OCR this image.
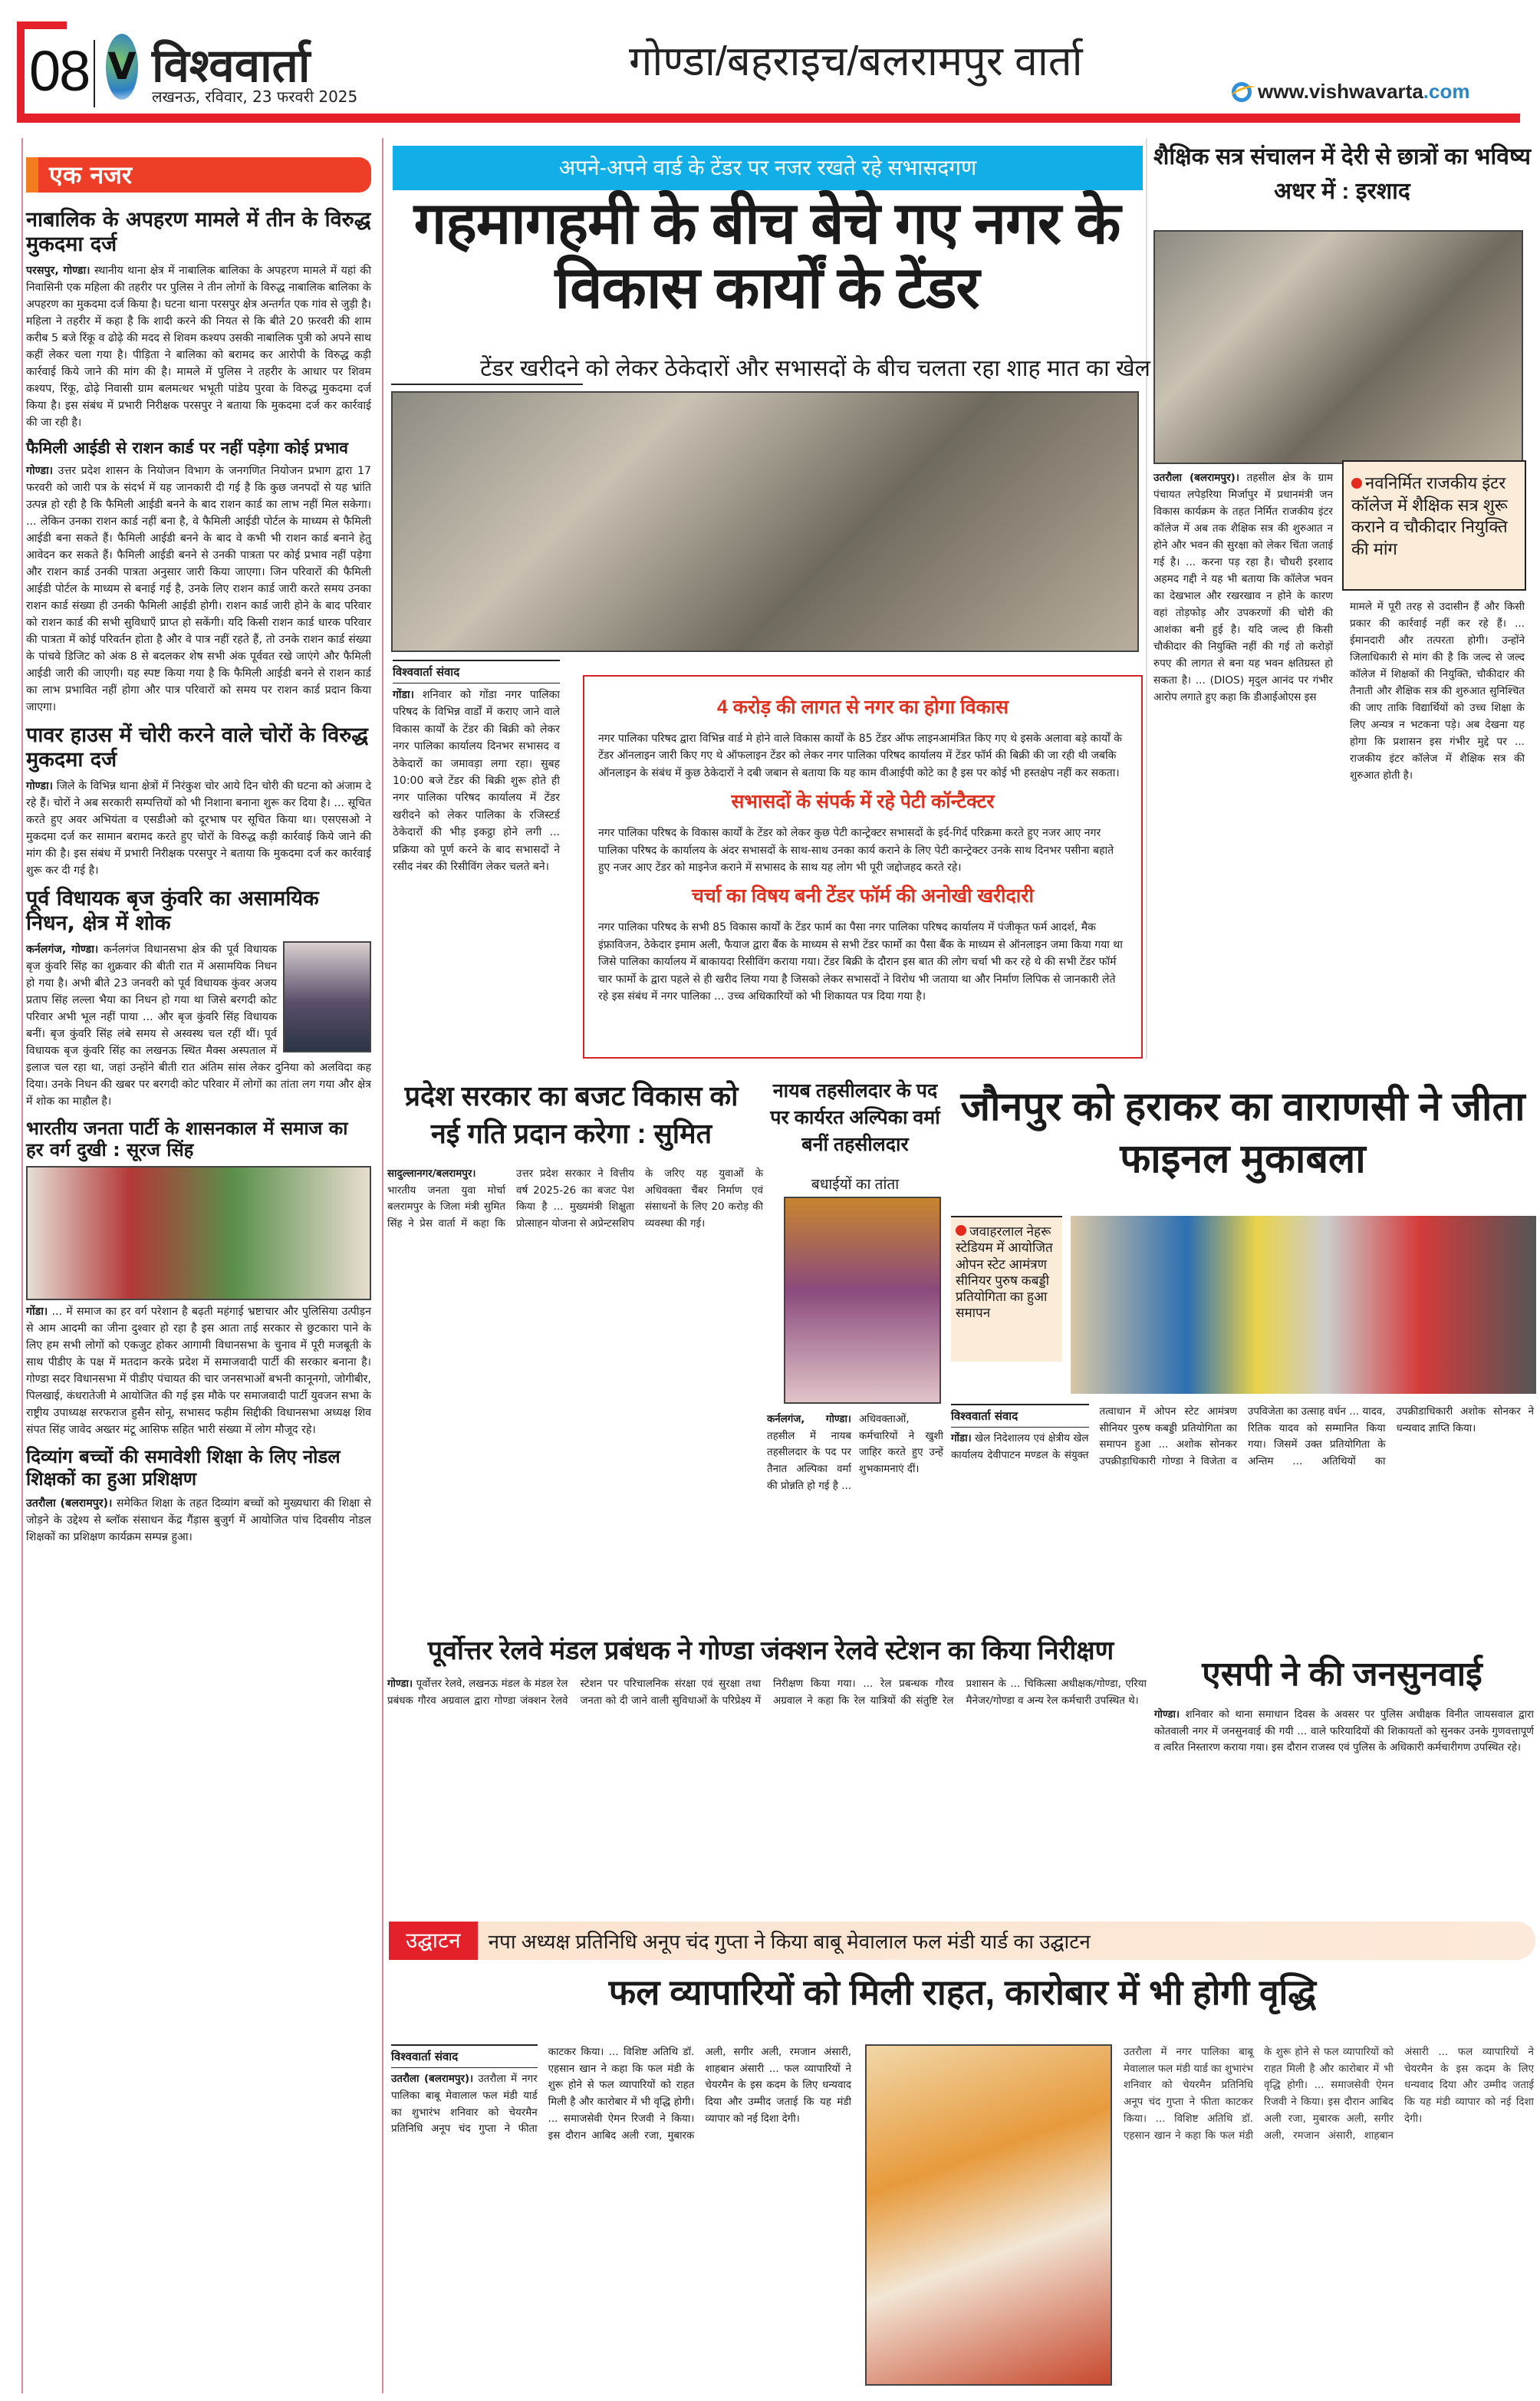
08 V विश्ववार्ता
लखनऊ, रविवार, 23 फरवरी 2025
गोण्डा/बहराइच/बलरामपुर वार्ता
www.vishwavarta.com
एक नजर
नाबालिक के अपहरण मामले में तीन के विरुद्ध मुकदमा दर्ज

परसपुर, गोण्डा। स्थानीय थाना क्षेत्र में नाबालिक बालिका के अपहरण मामले में यहां की निवासिनी एक महिला की तहरीर पर पुलिस ने तीन लोगों के विरुद्ध नाबालिक बालिका के अपहरण का मुकदमा दर्ज किया है। घटना थाना परसपुर क्षेत्र अन्तर्गत एक गांव से जुड़ी है। महिला ने तहरीर में कहा है कि शादी करने की नियत से कि बीते 20 फ़रवरी की शाम करीब 5 बजे रिंकू व ढोढ़े की मदद से शिवम कश्यप उसकी नाबालिक पुत्री को अपने साथ कहीं लेकर चला गया है। पीड़िता ने बालिका को बरामद कर आरोपी के विरुद्ध कड़ी कार्रवाई किये जाने की मांग की है। मामले में पुलिस ने तहरीर के आधार पर शिवम कश्यप, रिंकू, ढोढ़े निवासी ग्राम बलमत्थर भभूती पांडेय पुरवा के विरुद्ध मुकदमा दर्ज किया है। इस संबंध में प्रभारी निरीक्षक परसपुर ने बताया कि मुकदमा दर्ज कर कार्रवाई की जा रही है।

फैमिली आईडी से राशन कार्ड पर नहीं पड़ेगा कोई प्रभाव

गोण्डा। उत्तर प्रदेश शासन के नियोजन विभाग के जनगणित नियोजन प्रभाग द्वारा 17 फरवरी को जारी पत्र के संदर्भ में यह जानकारी दी गई है कि कुछ जनपदों से यह भ्रांति उत्पन्न हो रही है कि फैमिली आईडी बनने के बाद राशन कार्ड का लाभ नहीं मिल सकेगा। ... लेकिन उनका राशन कार्ड नहीं बना है, वे फैमिली आईडी पोर्टल के माध्यम से फैमिली आईडी बना सकते हैं। फैमिली आईडी बनने के बाद वे कभी भी राशन कार्ड बनाने हेतु आवेदन कर सकते हैं। फैमिली आईडी बनने से उनकी पात्रता पर कोई प्रभाव नहीं पड़ेगा और राशन कार्ड उनकी पात्रता अनुसार जारी किया जाएगा। जिन परिवारों की फैमिली आईडी पोर्टल के माध्यम से बनाई गई है, उनके लिए राशन कार्ड जारी करते समय उनका राशन कार्ड संख्या ही उनकी फैमिली आईडी होगी। राशन कार्ड जारी होने के बाद परिवार को राशन कार्ड की सभी सुविधाएँ प्राप्त हो सकेंगी। यदि किसी राशन कार्ड धारक परिवार की पात्रता में कोई परिवर्तन होता है और वे पात्र नहीं रहते हैं, तो उनके राशन कार्ड संख्या के पांचवे डिजिट को अंक 8 से बदलकर शेष सभी अंक पूर्ववत रखे जाएंगे और फैमिली आईडी जारी की जाएगी। यह स्पष्ट किया गया है कि फैमिली आईडी बनने से राशन कार्ड का लाभ प्रभावित नहीं होगा और पात्र परिवारों को समय पर राशन कार्ड प्रदान किया जाएगा।

पावर हाउस में चोरी करने वाले चोरों के विरुद्ध मुकदमा दर्ज

गोण्डा। जिले के विभिन्न थाना क्षेत्रों में निरंकुश चोर आये दिन चोरी की घटना को अंजाम दे रहे हैं। चोरों ने अब सरकारी सम्पत्तियों को भी निशाना बनाना शुरू कर दिया है। ... सूचित करते हुए अवर अभियंता व एसडीओ को दूरभाष पर सूचित किया था। एसएसओ ने मुकदमा दर्ज कर सामान बरामद करते हुए चोरों के विरुद्ध कड़ी कार्रवाई किये जाने की मांग की है। इस संबंध में प्रभारी निरीक्षक परसपुर ने बताया कि मुकदमा दर्ज कर कार्रवाई शुरू कर दी गई है।

पूर्व विधायक बृज कुंवरि का असामयिक निधन, क्षेत्र में शोक

कर्नलगंज, गोण्डा। कर्नलगंज विधानसभा क्षेत्र की पूर्व विधायक बृज कुंवरि सिंह का शुक्रवार की बीती रात में असामयिक निधन हो गया है। अभी बीते 23 जनवरी को पूर्व विधायक कुंवर अजय प्रताप सिंह लल्ला भैया का निधन हो गया था जिसे बरगदी कोट परिवार अभी भूल नहीं पाया ... और बृज कुंवरि सिंह विधायक बनीं। बृज कुंवरि सिंह लंबे समय से अस्वस्थ चल रहीं थीं। पूर्व विधायक बृज कुंवरि सिंह का लखनऊ स्थित मैक्स अस्पताल में इलाज चल रहा था, जहां उन्होंने बीती रात अंतिम सांस लेकर दुनिया को अलविदा कह दिया। उनके निधन की खबर पर बरगदी कोट परिवार में लोगों का तांता लग गया और क्षेत्र में शोक का माहौल है।

भारतीय जनता पार्टी के शासनकाल में समाज का हर वर्ग दुखी : सूरज सिंह

गोंडा। ... में समाज का हर वर्ग परेशान है बढ़ती महंगाई भ्रष्टाचार और पुलिसिया उत्पीड़न से आम आदमी का जीना दुश्वार हो रहा है इस आता ताई सरकार से छुटकारा पाने के लिए हम सभी लोगों को एकजुट होकर आगामी विधानसभा के चुनाव में पूरी मजबूती के साथ पीडीए के पक्ष में मतदान करके प्रदेश में समाजवादी पार्टी की सरकार बनाना है। गोण्डा सदर विधानसभा में पीडीए पंचायत की चार जनसभाओं बभनी कानूनगो, जोगीबीर, पिलखाई, कंधरातेजी मे आयोजित की गई इस मौके पर समाजवादी पार्टी युवजन सभा के राष्ट्रीय उपाध्यक्ष सरफराज हुसैन सोनू, सभासद फहीम सिद्दीकी विधानसभा अध्यक्ष शिव संपत सिंह जावेद अख्तर मंटू आसिफ सहित भारी संख्या में लोग मौजूद रहे।

दिव्यांग बच्चों की समावेशी शिक्षा के लिए नोडल शिक्षकों का हुआ प्रशिक्षण

उतरौला (बलरामपुर)। समेकित शिक्षा के तहत दिव्यांग बच्चों को मुख्यधारा की शिक्षा से जोड़ने के उद्देश्य से ब्लॉक संसाधन केंद्र गैंड़ास बुजुर्ग में आयोजित पांच दिवसीय नोडल शिक्षकों का प्रशिक्षण कार्यक्रम सम्पन्न हुआ।

अपने-अपने वार्ड के टेंडर पर नजर रखते रहे सभासदगण
गहमागहमी के बीच बेचे गए नगर के विकास कार्यों के टेंडर
टेंडर खरीदने को लेकर ठेकेदारों और सभासदों के बीच चलता रहा शाह मात का खेल
विश्ववार्ता संवाद
गोंडा। शनिवार को गोंडा नगर पालिका परिषद के विभिन्न वार्डों में कराए जाने वाले विकास कार्यों के टेंडर की बिक्री को लेकर नगर पालिका कार्यालय दिनभर सभासद व ठेकेदारों का जमावड़ा लगा रहा। सुबह 10:00 बजे टेंडर की बिक्री शुरू होते ही नगर पालिका परिषद कार्यालय में टेंडर खरीदने को लेकर पालिका के रजिस्टर्ड ठेकेदारों की भीड़ इकट्ठा होने लगी ... प्रक्रिया को पूर्ण करने के बाद सभासदों ने रसीद नंबर की रिसीविंग लेकर चलते बने।
4 करोड़ की लागत से नगर का होगा विकास

नगर पालिका परिषद द्वारा विभिन्न वार्ड मे होने वाले विकास कार्यों के 85 टेंडर ऑफ लाइनआमंत्रित किए गए थे इसके अलावा बड़े कार्यों के टेंडर ऑनलाइन जारी किए गए थे ऑफलाइन टेंडर को लेकर नगर पालिका परिषद कार्यालय में टेंडर फॉर्म की बिक्री की जा रही थी जबकि ऑनलाइन के संबंध में कुछ ठेकेदारों ने दबी जबान से बताया कि यह काम वीआईपी कोटे का है इस पर कोई भी हस्तक्षेप नहीं कर सकता।

सभासदों के संपर्क में रहे पेटी कॉन्टैक्टर

नगर पालिका परिषद के विकास कार्यों के टेंडर को लेकर कुछ पेटी कान्ट्रेक्टर सभासदों के इर्द-गिर्द परिक्रमा करते हुए नजर आए नगर पालिका परिषद के कार्यालय के अंदर सभासदों के साथ-साथ उनका कार्य कराने के लिए पेटी कान्ट्रेक्टर उनके साथ दिनभर पसीना बहाते हुए नजर आए टेंडर को माइनेज कराने में सभासद के साथ यह लोग भी पूरी जद्दोजहद करते रहे।

चर्चा का विषय बनी टेंडर फॉर्म की अनोखी खरीदारी

नगर पालिका परिषद के सभी 85 विकास कार्यों के टेंडर फार्म का पैसा नगर पालिका परिषद कार्यालय में पंजीकृत फर्म आदर्श, मैक इंफ्राविजन, ठेकेदार इमाम अली, फैयाज द्वारा बैंक के माध्यम से सभी टेंडर फार्मो का पैसा बैंक के माध्यम से ऑनलाइन जमा किया गया था जिसे पालिका कार्यालय में बाकायदा रिसीविंग कराया गया। टेंडर बिक्री के दौरान इस बात की लोग चर्चा भी कर रहे थे की सभी टेंडर फॉर्म चार फार्मो के द्वारा पहले से ही खरीद लिया गया है जिसको लेकर सभासदों ने विरोध भी जताया था और निर्माण लिपिक से जानकारी लेते रहे इस संबंध में नगर पालिका ... उच्च अधिकारियों को भी शिकायत पत्र दिया गया है।

शैक्षिक सत्र संचालन में देरी से छात्रों का भविष्य अधर में : इरशाद
उतरौला (बलरामपुर)। तहसील क्षेत्र के ग्राम पंचायत लपेड़रिया मिर्जापुर में प्रधानमंत्री जन विकास कार्यक्रम के तहत निर्मित राजकीय इंटर कॉलेज में अब तक शैक्षिक सत्र की शुरुआत न होने और भवन की सुरक्षा को लेकर चिंता जताई गई है। ... करना पड़ रहा है। चौधरी इरशाद अहमद गद्दी ने यह भी बताया कि कॉलेज भवन का देखभाल और रखरखाव न होने के कारण वहां तोड़फोड़ और उपकरणों की चोरी की आशंका बनी हुई है। यदि जल्द ही किसी चौकीदार की नियुक्ति नहीं की गई तो करोड़ों रुपए की लागत से बना यह भवन क्षतिग्रस्त हो सकता है। ... (DIOS) मृदुल आनंद पर गंभीर आरोप लगाते हुए कहा कि डीआईओएस इस
नवनिर्मित राजकीय इंटर कॉलेज में शैक्षिक सत्र शुरू कराने व चौकीदार नियुक्ति की मांग
मामले में पूरी तरह से उदासीन हैं और किसी प्रकार की कार्रवाई नहीं कर रहे हैं। ... ईमानदारी और तत्परता होगी। उन्होंने जिलाधिकारी से मांग की है कि जल्द से जल्द कॉलेज में शिक्षकों की नियुक्ति, चौकीदार की तैनाती और शैक्षिक सत्र की शुरुआत सुनिश्चित की जाए ताकि विद्यार्थियों को उच्च शिक्षा के लिए अन्यत्र न भटकना पड़े। अब देखना यह होगा कि प्रशासन इस गंभीर मुद्दे पर ... राजकीय इंटर कॉलेज में शैक्षिक सत्र की शुरुआत होती है।
प्रदेश सरकार का बजट विकास को नई गति प्रदान करेगा : सुमित
सादुल्लानगर/बलरामपुर। भारतीय जनता युवा मोर्चा बलरामपुर के जिला मंत्री सुमित सिंह ने प्रेस वार्ता में कहा कि उत्तर प्रदेश सरकार ने वित्तीय वर्ष 2025-26 का बजट पेश किया है ... मुख्यमंत्री शिक्षुता प्रोत्साहन योजना से अप्रेन्टसशिप के जरिए यह युवाओं के अधिवक्ता चैंबर निर्माण एवं संसाधनों के लिए 20 करोड़ की व्यवस्था की गई।
नायब तहसीलदार के पद पर कार्यरत अल्पिका वर्मा बनीं तहसीलदार
बधाईयों का तांता
कर्नलगंज, गोण्डा। तहसील में नायब तहसीलदार के पद पर तैनात अल्पिका वर्मा की प्रोन्नति हो गई है ... अधिवक्ताओं, कर्मचारियों ने खुशी जाहिर करते हुए उन्हें शुभकामनाएं दीं।
जौनपुर को हराकर का वाराणसी ने जीता फाइनल मुकाबला
जवाहरलाल नेहरू स्टेडियम में आयोजित ओपन स्टेट आमंत्रण सीनियर पुरुष कबड्डी प्रतियोगिता का हुआ समापन
विश्ववार्ता संवाद
गोंडा। खेल निदेशालय एवं क्षेत्रीय खेल कार्यालय देवीपाटन मण्डल के संयुक्त तत्वाधान में ओपन स्टेट आमंत्रण सीनियर पुरुष कबड्डी प्रतियोगिता का समापन हुआ ... अशोक सोनकर उपक्रीड़ाधिकारी गोण्डा ने विजेता व उपविजेता का उत्साह वर्धन ... यादव, रितिक यादव को सम्मानित किया गया। जिसमें उक्त प्रतियोगिता के अन्तिम ... अतिथियों का उपक्रीडाधिकारी अशोक सोनकर ने धन्यवाद ज्ञाप्ति किया।
पूर्वोत्तर रेलवे मंडल प्रबंधक ने गोण्डा जंक्शन रेलवे स्टेशन का किया निरीक्षण
गोण्डा। पूर्वोत्तर रेलवे, लखनऊ मंडल के मंडल रेल प्रबंधक गौरव अग्रवाल द्वारा गोण्डा जंक्शन रेलवे स्टेशन पर परिचालनिक संरक्षा एवं सुरक्षा तथा जनता को दी जाने वाली सुविधाओं के परिप्रेक्ष्य में निरीक्षण किया गया। ... रेल प्रबन्धक गौरव अग्रवाल ने कहा कि रेल यात्रियों की संतुष्टि रेल प्रशासन के ... चिकित्सा अधीक्षक/गोण्डा, एरिया मैनेजर/गोण्डा व अन्य रेल कर्मचारी उपस्थित थे।
एसपी ने की जनसुनवाई
गोण्डा। शनिवार को थाना समाधान दिवस के अवसर पर पुलिस अधीक्षक विनीत जायसवाल द्वारा कोतवाली नगर में जनसुनवाई की गयी ... वाले फरियादियों की शिकायतों को सुनकर उनके गुणवत्तापूर्ण व त्वरित निस्तारण कराया गया। इस दौरान राजस्व एवं पुलिस के अधिकारी कर्मचारीगण उपस्थित रहे।
उद्घाटन	नपा अध्यक्ष प्रतिनिधि अनूप चंद गुप्ता ने किया बाबू मेवालाल फल मंडी यार्ड का उद्घाटन
फल व्यापारियों को मिली राहत, कारोबार में भी होगी वृद्धि
विश्ववार्ता संवाद
उतरौला (बलरामपुर)। उतरौला में नगर पालिका बाबू मेवालाल फल मंडी यार्ड का शुभारंभ शनिवार को चेयरमैन प्रतिनिधि अनूप चंद गुप्ता ने फीता काटकर किया। ... विशिष्ट अतिथि डॉ. एहसान खान ने कहा कि फल मंडी के शुरू होने से फल व्यापारियों को राहत मिली है और कारोबार में भी वृद्धि होगी। ... समाजसेवी ऐमन रिजवी ने किया। इस दौरान आबिद अली रजा, मुबारक अली, सगीर अली, रमजान अंसारी, शाहबान अंसारी ... फल व्यापारियों ने चेयरमैन के इस कदम के लिए धन्यवाद दिया और उम्मीद जताई कि यह मंडी व्यापार को नई दिशा देगी।
उतरौला में नगर पालिका बाबू मेवालाल फल मंडी यार्ड का शुभारंभ शनिवार को चेयरमैन प्रतिनिधि अनूप चंद गुप्ता ने फीता काटकर किया। ... विशिष्ट अतिथि डॉ. एहसान खान ने कहा कि फल मंडी के शुरू होने से फल व्यापारियों को राहत मिली है और कारोबार में भी वृद्धि होगी। ... समाजसेवी ऐमन रिजवी ने किया। इस दौरान आबिद अली रजा, मुबारक अली, सगीर अली, रमजान अंसारी, शाहबान अंसारी ... फल व्यापारियों ने चेयरमैन के इस कदम के लिए धन्यवाद दिया और उम्मीद जताई कि यह मंडी व्यापार को नई दिशा देगी।
